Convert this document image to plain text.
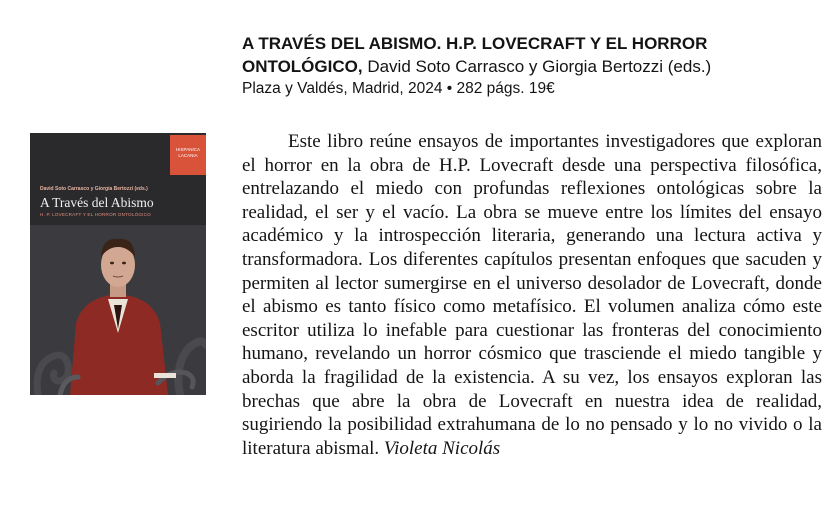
A TRAVÉS DEL ABISMO. H.P. LOVECRAFT Y EL HORROR ONTOLÓGICO, David Soto Carrasco y Giorgia Bertozzi (eds.)
Plaza y Valdés, Madrid, 2024 • 282 págs. 19€
HISPANICA LACANIA
David Soto Carrasco y Giorgia Bertozzi (eds.)
A Través del Abismo
H. P. LOVECRAFT Y EL HORROR ONTOLÓGICO
Este libro reúne ensayos de importantes investigadores que exploran el horror en la obra de H.P. Lovecraft desde una perspectiva filosófica, entrelazando el miedo con profundas reflexiones ontológicas sobre la realidad, el ser y el vacío. La obra se mueve entre los límites del ensayo académico y la introspección literaria, generando una lectura activa y transformadora. Los diferentes capítulos presentan enfoques que sacuden y permiten al lector sumergirse en el universo desolador de Lovecraft, donde el abismo es tanto físico como metafísico. El volumen analiza cómo este escritor utiliza lo inefable para cuestionar las fronteras del conocimiento humano, revelando un horror cósmico que trasciende el miedo tangible y aborda la fragilidad de la existencia. A su vez, los ensayos exploran las brechas que abre la obra de Lovecraft en nuestra idea de realidad, sugiriendo la posibilidad extrahumana de lo no pensado y lo no vivido o la literatura abismal. Violeta Nicolás
